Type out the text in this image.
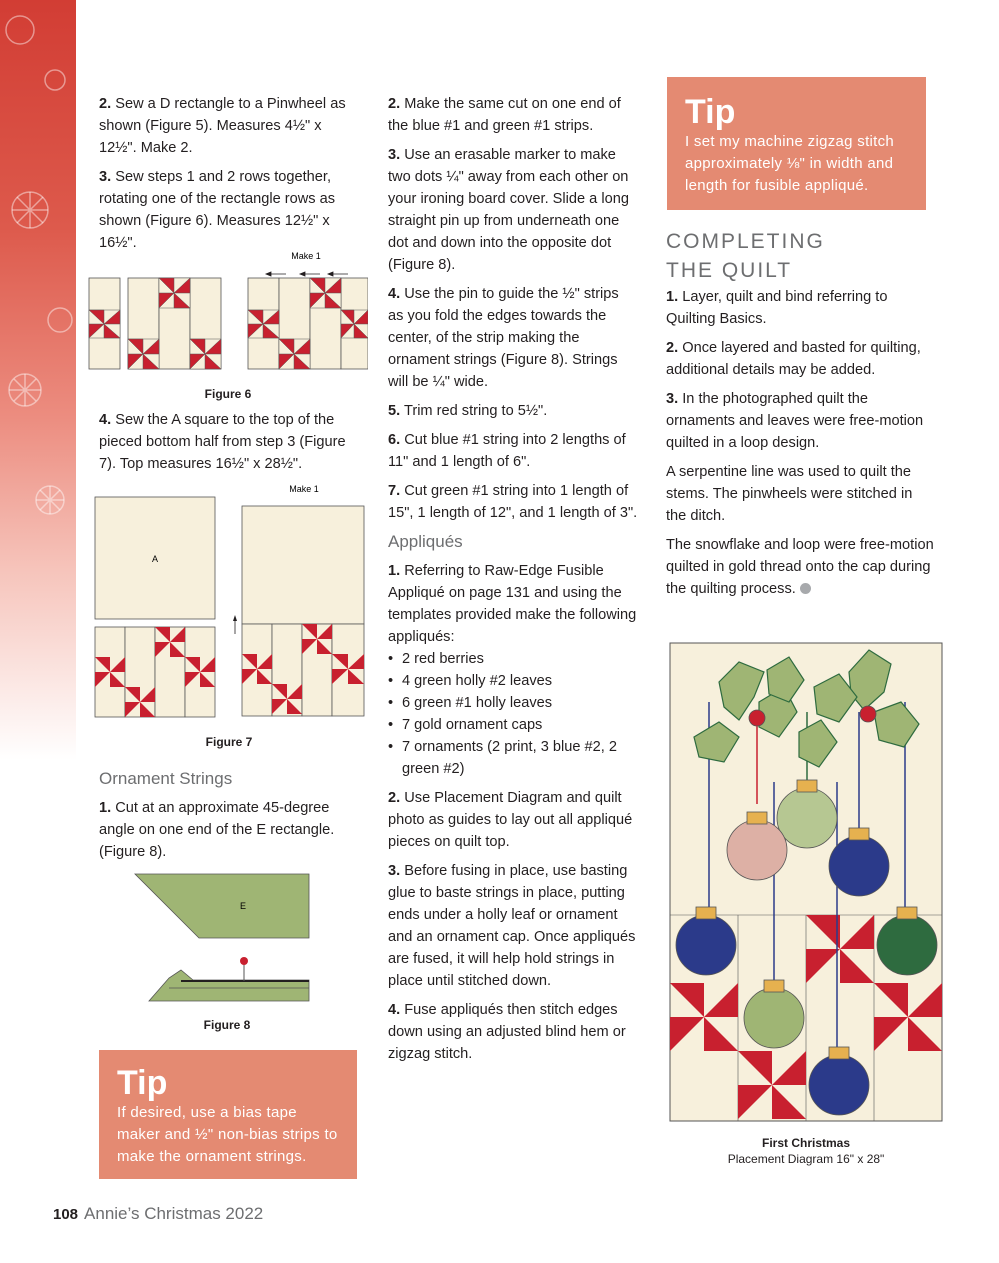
2. Sew a D rectangle to a Pinwheel as shown (Figure 5). Measures 4½" x 12½". Make 2.

3. Sew steps 1 and 2 rows together, rotating one of the rectangle rows as shown (Figure 6). Measures 12½" x 16½".

Make 1
Figure 6

4. Sew the A square to the top of the pieced bottom half from step 3 (Figure 7). Top measures 16½" x 28½".

Make 1
A
Figure 7

Ornament Strings

1. Cut at an approximate 45-degree angle on one end of the E rectangle. (Figure 8).

E
Figure 8
Tip
If desired, use a bias tape maker and ½" non-bias strips to make the ornament strings.

2. Make the same cut on one end of the blue #1 and green #1 strips.

3. Use an erasable marker to make two dots ¼" away from each other on your ironing board cover. Slide a long straight pin up from underneath one dot and down into the opposite dot (Figure 8).

4. Use the pin to guide the ½" strips as you fold the edges towards the center, of the strip making the ornament strings (Figure 8). Strings will be ¼" wide.

5. Trim red string to 5½".

6. Cut blue #1 string into 2 lengths of 11" and 1 length of 6".

7. Cut green #1 string into 1 length of 15", 1 length of 12", and 1 length of 3".

Appliqués

1. Referring to Raw-Edge Fusible Appliqué on page 131 and using the templates provided make the following appliqués:

• 2 red berries
• 4 green holly #2 leaves
• 6 green #1 holly leaves
• 7 gold ornament caps
• 7 ornaments (2 print, 3 blue #2, 2 green #2)

2. Use Placement Diagram and quilt photo as guides to lay out all appliqué pieces on quilt top.

3. Before fusing in place, use basting glue to baste strings in place, putting ends under a holly leaf or ornament and an ornament cap. Once appliqués are fused, it will help hold strings in place until stitched down.

4. Fuse appliqués then stitch edges down using an adjusted blind hem or zigzag stitch.

Tip
I set my machine zigzag stitch approximately ⅛" in width and length for fusible appliqué.

COMPLETING

THE QUILT

1. Layer, quilt and bind referring to Quilting Basics.

2. Once layered and basted for quilting, additional details may be added.

3. In the photographed quilt the ornaments and leaves were free-motion quilted in a loop design.

A serpentine line was used to quilt the stems. The pinwheels were stitched in the ditch.

The snowflake and loop were free-motion quilted in gold thread onto the cap during the quilting process.

First Christmas
Placement Diagram 16" x 28"
108 Annie’s Christmas 2022
